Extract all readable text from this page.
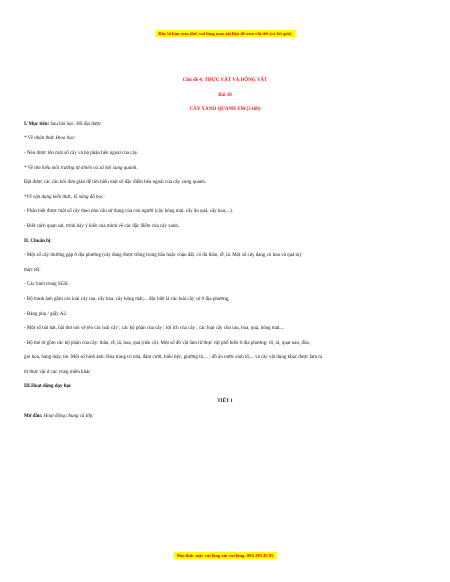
Đây là bản xem thử, vui lòng mua tài liệu để xem chi tiết (có lời giải)
Chủ đề 4: THỰC VẬT VÀ ĐỘNG VẬT
Bài 10
CÂY XANH QUANH EM (3 tiết)
I. Mục tiêu: Sau bài học, HS đạt được
* Về nhận thức khoa học:
- Nêu được tên một số cây và bộ phận bên ngoài của cây.
* Về tìm hiểu môi trường tự nhiên và xã hội xung quanh.
Đặt được các câu hỏi đơn giản để tìm hiểu một số đặc điểm bên ngoài của cây xung quanh.
*Về vận dụng kiến thức, kĩ năng đã học:
- Phân biệt được một số cây theo nhu cầu sử dụng của con người (cây bóng mát, cây ăn quả, cây hoa,...).
- Biết cách quan sát, trình bày ý kiến của mình về các đặc điểm của cây xanh.
II. Chuẩn bị:
- Một số cây thường gặp ở địa phương (cây đang được trồng trong bầu hoặc chậu đất, có đủ thân, rễ, lá. Một số cây đang có hoa và quả tuỳ
thực tế).
- Các hình trong SGK.
- Bộ tranh ảnh gồm các loài cây rau, cây hoa, cây bóng mát,... đặc biệt là các loài cây có ở địa phương,
- Bảng phụ / giấy A2.
- Một số bài hát, bài thơ nói về tên các loài cây ; các bộ phận của cây ; lợi ích của cây ; các loại cây cho rau, hoa, quả, bóng mát,...
- Bộ thẻ từ gồm các bộ phận của cây: thân, rễ, lá, hoa, quả (nếu có). Một số đồ vật làm từ thực vật phổ biến ở địa phương: rổ, rá, quạt nan, đũa,
giỏ hoa, hàng mây, tre. Một số hình ảnh: Hoa trang trí nhà, đám cưới, hiếu tiệc, giường tủ,... ; đồ ăn nước sinh tố,... và các vật dụng khác được làm ra
từ thực vật ở các vùng miền khác
III.Hoạt động dạy học
TIẾT 1
Mở đầu: Hoạt động chung cả lớp:
Mọi thắc mắc vui lòng xin vui lòng: 084 283 45 85
